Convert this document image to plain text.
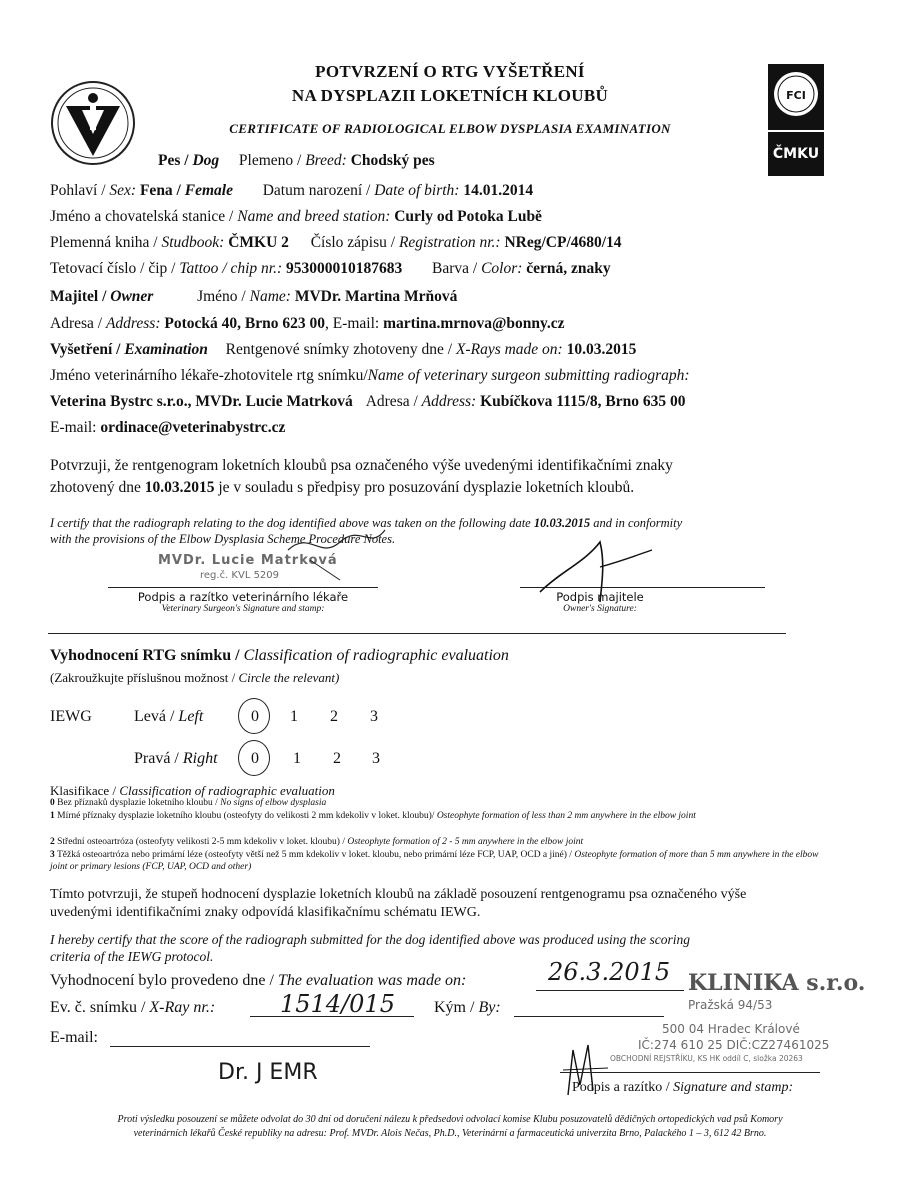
FCI
ČMKU
POTVRZENÍ O RTG VYŠETŘENÍ
NA DYSPLAZII LOKETNÍCH KLOUBŮ
CERTIFICATE OF RADIOLOGICAL ELBOW DYSPLASIA EXAMINATION
Pes / Dog Plemeno / Breed: Chodský pes
Pohlaví / Sex: Fena / Female Datum narození / Date of birth: 14.01.2014
Jméno a chovatelská stanice / Name and breed station: Curly od Potoka Lubě
Plemenná kniha / Studbook: ČMKU 2 Číslo zápisu / Registration nr.: NReg/CP/4680/14
Tetovací číslo / čip / Tattoo / chip nr.: 953000010187683 Barva / Color: černá, znaky
Majitel / Owner	Jméno / Name: MVDr. Martina Mrňová
Adresa / Address: Potocká 40, Brno 623 00, E-mail: martina.mrnova@bonny.cz
Vyšetření / Examination Rentgenové snímky zhotoveny dne / X-Rays made on: 10.03.2015
Jméno veterinárního lékaře-zhotovitele rtg snímku/Name of veterinary surgeon submitting radiograph:
Veterina Bystrc s.r.o., MVDr. Lucie Matrková Adresa / Address: Kubíčkova 1115/8, Brno 635 00
E-mail: ordinace@veterinabystrc.cz
Potvrzuji, že rentgenogram loketních kloubů psa označeného výše uvedenými identifikačními znaky
zhotovený dne 10.03.2015 je v souladu s předpisy pro posuzování dysplazie loketních kloubů.
I certify that the radiograph relating to the dog identified above was taken on the following date 10.03.2015 and in conformity
with the provisions of the Elbow Dysplasia Scheme Procedure Notes.
MVDr. Lucie Matrková
reg.č. KVL 5209
Podpis a razítko veterinárního lékaře
Veterinary Surgeon's Signature and stamp:
Podpis majitele
Owner's Signature:
Vyhodnocení RTG snímku / Classification of radiographic evaluation
(Zakroužkujte příslušnou možnost / Circle the relevant)
IEWG	Levá / Left	0 1 2 3
Pravá / Right 0 1 2 3
Klasifikace / Classification of radiographic evaluation
0 Bez příznaků dysplazie loketního kloubu / No signs of elbow dysplasia
1 Mírné příznaky dysplazie loketního kloubu (osteofyty do velikosti 2 mm kdekoliv v loket. kloubu)/ Osteophyte formation of less than 2 mm anywhere in the elbow joint
2 Střední osteoartróza (osteofyty velikosti 2-5 mm kdekoliv v loket. kloubu) / Osteophyte formation of 2 - 5 mm anywhere in the elbow joint
3 Těžká osteoartróza nebo primární léze (osteofyty větší než 5 mm kdekoliv v loket. kloubu, nebo primární léze FCP, UAP, OCD a jiné) / Osteophyte formation of more than 5 mm anywhere in the elbow joint or primary lesions (FCP, UAP, OCD and other)
Tímto potvrzuji, že stupeň hodnocení dysplazie loketních kloubů na základě posouzení rentgenogramu psa označeného výše
uvedenými identifikačními znaky odpovídá klasifikačnímu schématu IEWG.
I hereby certify that the score of the radiograph submitted for the dog identified above was produced using the scoring
criteria of the IEWG protocol.
Vyhodnocení bylo provedeno dne / The evaluation was made on:	26.3.2015
Ev. č. snímku / X-Ray nr.:	1514/015 Kým / By:
E-mail:
Dr. J EMR
KLINIKA s.r.o.
Pražská 94/53
500 04 Hradec Králové
IČ:274 610 25 DIČ:CZ27461025
OBCHODNÍ REJSTŘÍKU, KS HK oddíl C, složka 20263
Podpis a razítko / Signature and stamp:
Proti výsledku posouzení se můžete odvolat do 30 dní od doručení nálezu k předsedovi odvolací komise Klubu posuzovatelů dědičných ortopedických vad psů Komory
veterinárních lékařů České republiky na adresu: Prof. MVDr. Alois Nečas, Ph.D., Veterinární a farmaceutická univerzita Brno, Palackého 1 – 3, 612 42 Brno.
